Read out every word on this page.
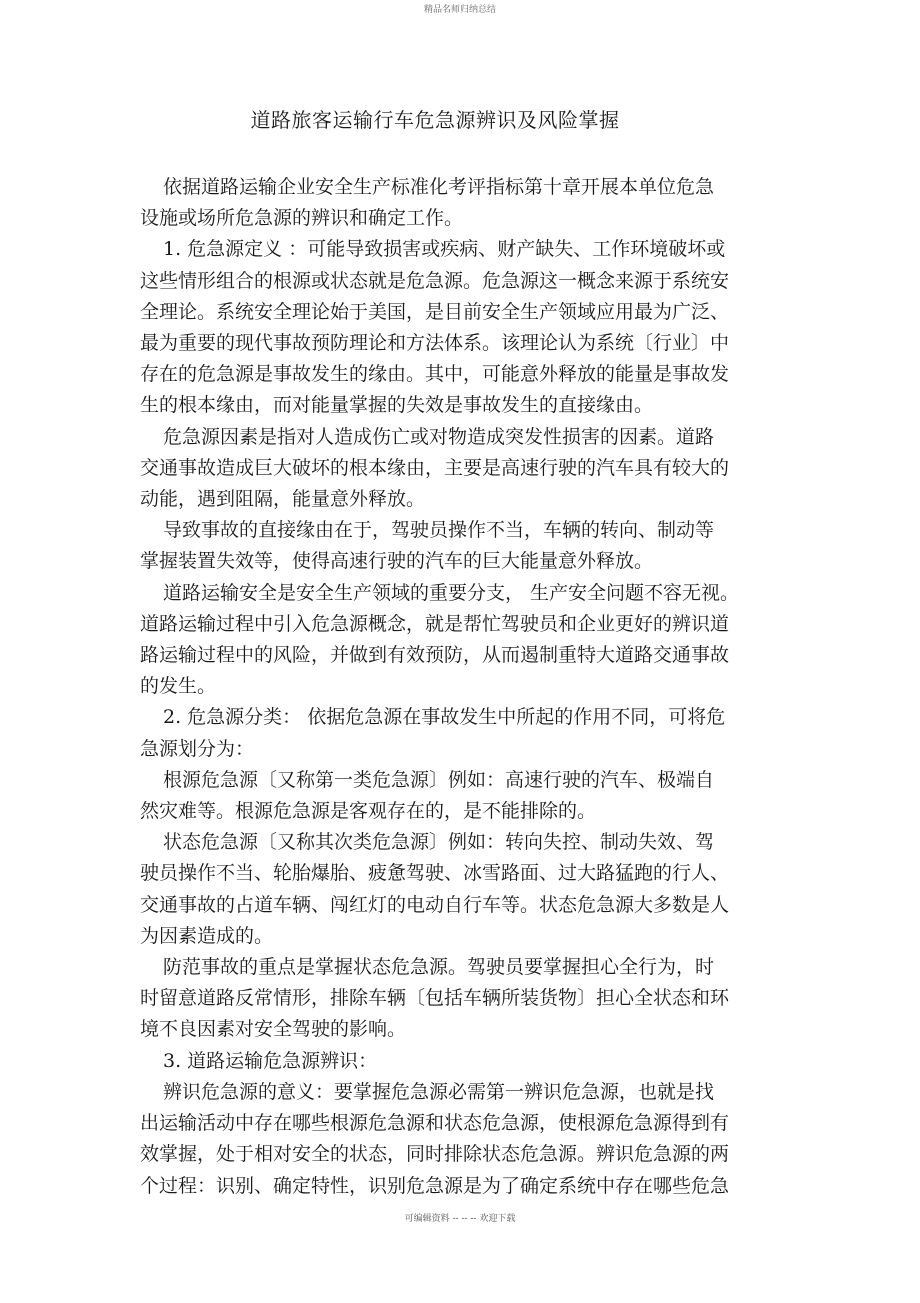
精品名师归纳总结
道路旅客运输行车危急源辨识及风险掌握
依据道路运输企业安全生产标准化考评指标第十章开展本单位危急
设施或场所危急源的辨识和确定工作。
1. 危急源定义 ：可能导致损害或疾病、财产缺失、工作环境破坏或
这些情形组合的根源或状态就是危急源。危急源这一概念来源于系统安
全理论。系统安全理论始于美国，是目前安全生产领域应用最为广泛、
最为重要的现代事故预防理论和方法体系。该理论认为系统〔行业〕中
存在的危急源是事故发生的缘由。其中，可能意外释放的能量是事故发
生的根本缘由，而对能量掌握的失效是事故发生的直接缘由。
危急源因素是指对人造成伤亡或对物造成突发性损害的因素。道路
交通事故造成巨大破坏的根本缘由，主要是高速行驶的汽车具有较大的
动能，遇到阻隔，能量意外释放。
导致事故的直接缘由在于，驾驶员操作不当，车辆的转向、制动等
掌握装置失效等，使得高速行驶的汽车的巨大能量意外释放。
道路运输安全是安全生产领域的重要分支， 生产安全问题不容无视。
道路运输过程中引入危急源概念，就是帮忙驾驶员和企业更好的辨识道
路运输过程中的风险，并做到有效预防，从而遏制重特大道路交通事故
的发生。
2. 危急源分类： 依据危急源在事故发生中所起的作用不同，可将危
急源划分为：
根源危急源〔又称第一类危急源〕例如：高速行驶的汽车、极端自
然灾难等。根源危急源是客观存在的，是不能排除的。
状态危急源〔又称其次类危急源〕例如：转向失控、制动失效、驾
驶员操作不当、轮胎爆胎、疲惫驾驶、冰雪路面、过大路猛跑的行人、
交通事故的占道车辆、闯红灯的电动自行车等。状态危急源大多数是人
为因素造成的。
防范事故的重点是掌握状态危急源。驾驶员要掌握担心全行为，时
时留意道路反常情形，排除车辆〔包括车辆所装货物〕担心全状态和环
境不良因素对安全驾驶的影响。
3. 道路运输危急源辨识：
辨识危急源的意义：要掌握危急源必需第一辨识危急源，也就是找
出运输活动中存在哪些根源危急源和状态危急源，使根源危急源得到有
效掌握，处于相对安全的状态，同时排除状态危急源。辨识危急源的两
个过程：识别、确定特性，识别危急源是为了确定系统中存在哪些危急
可编辑资料 -- -- -- 欢迎下载
